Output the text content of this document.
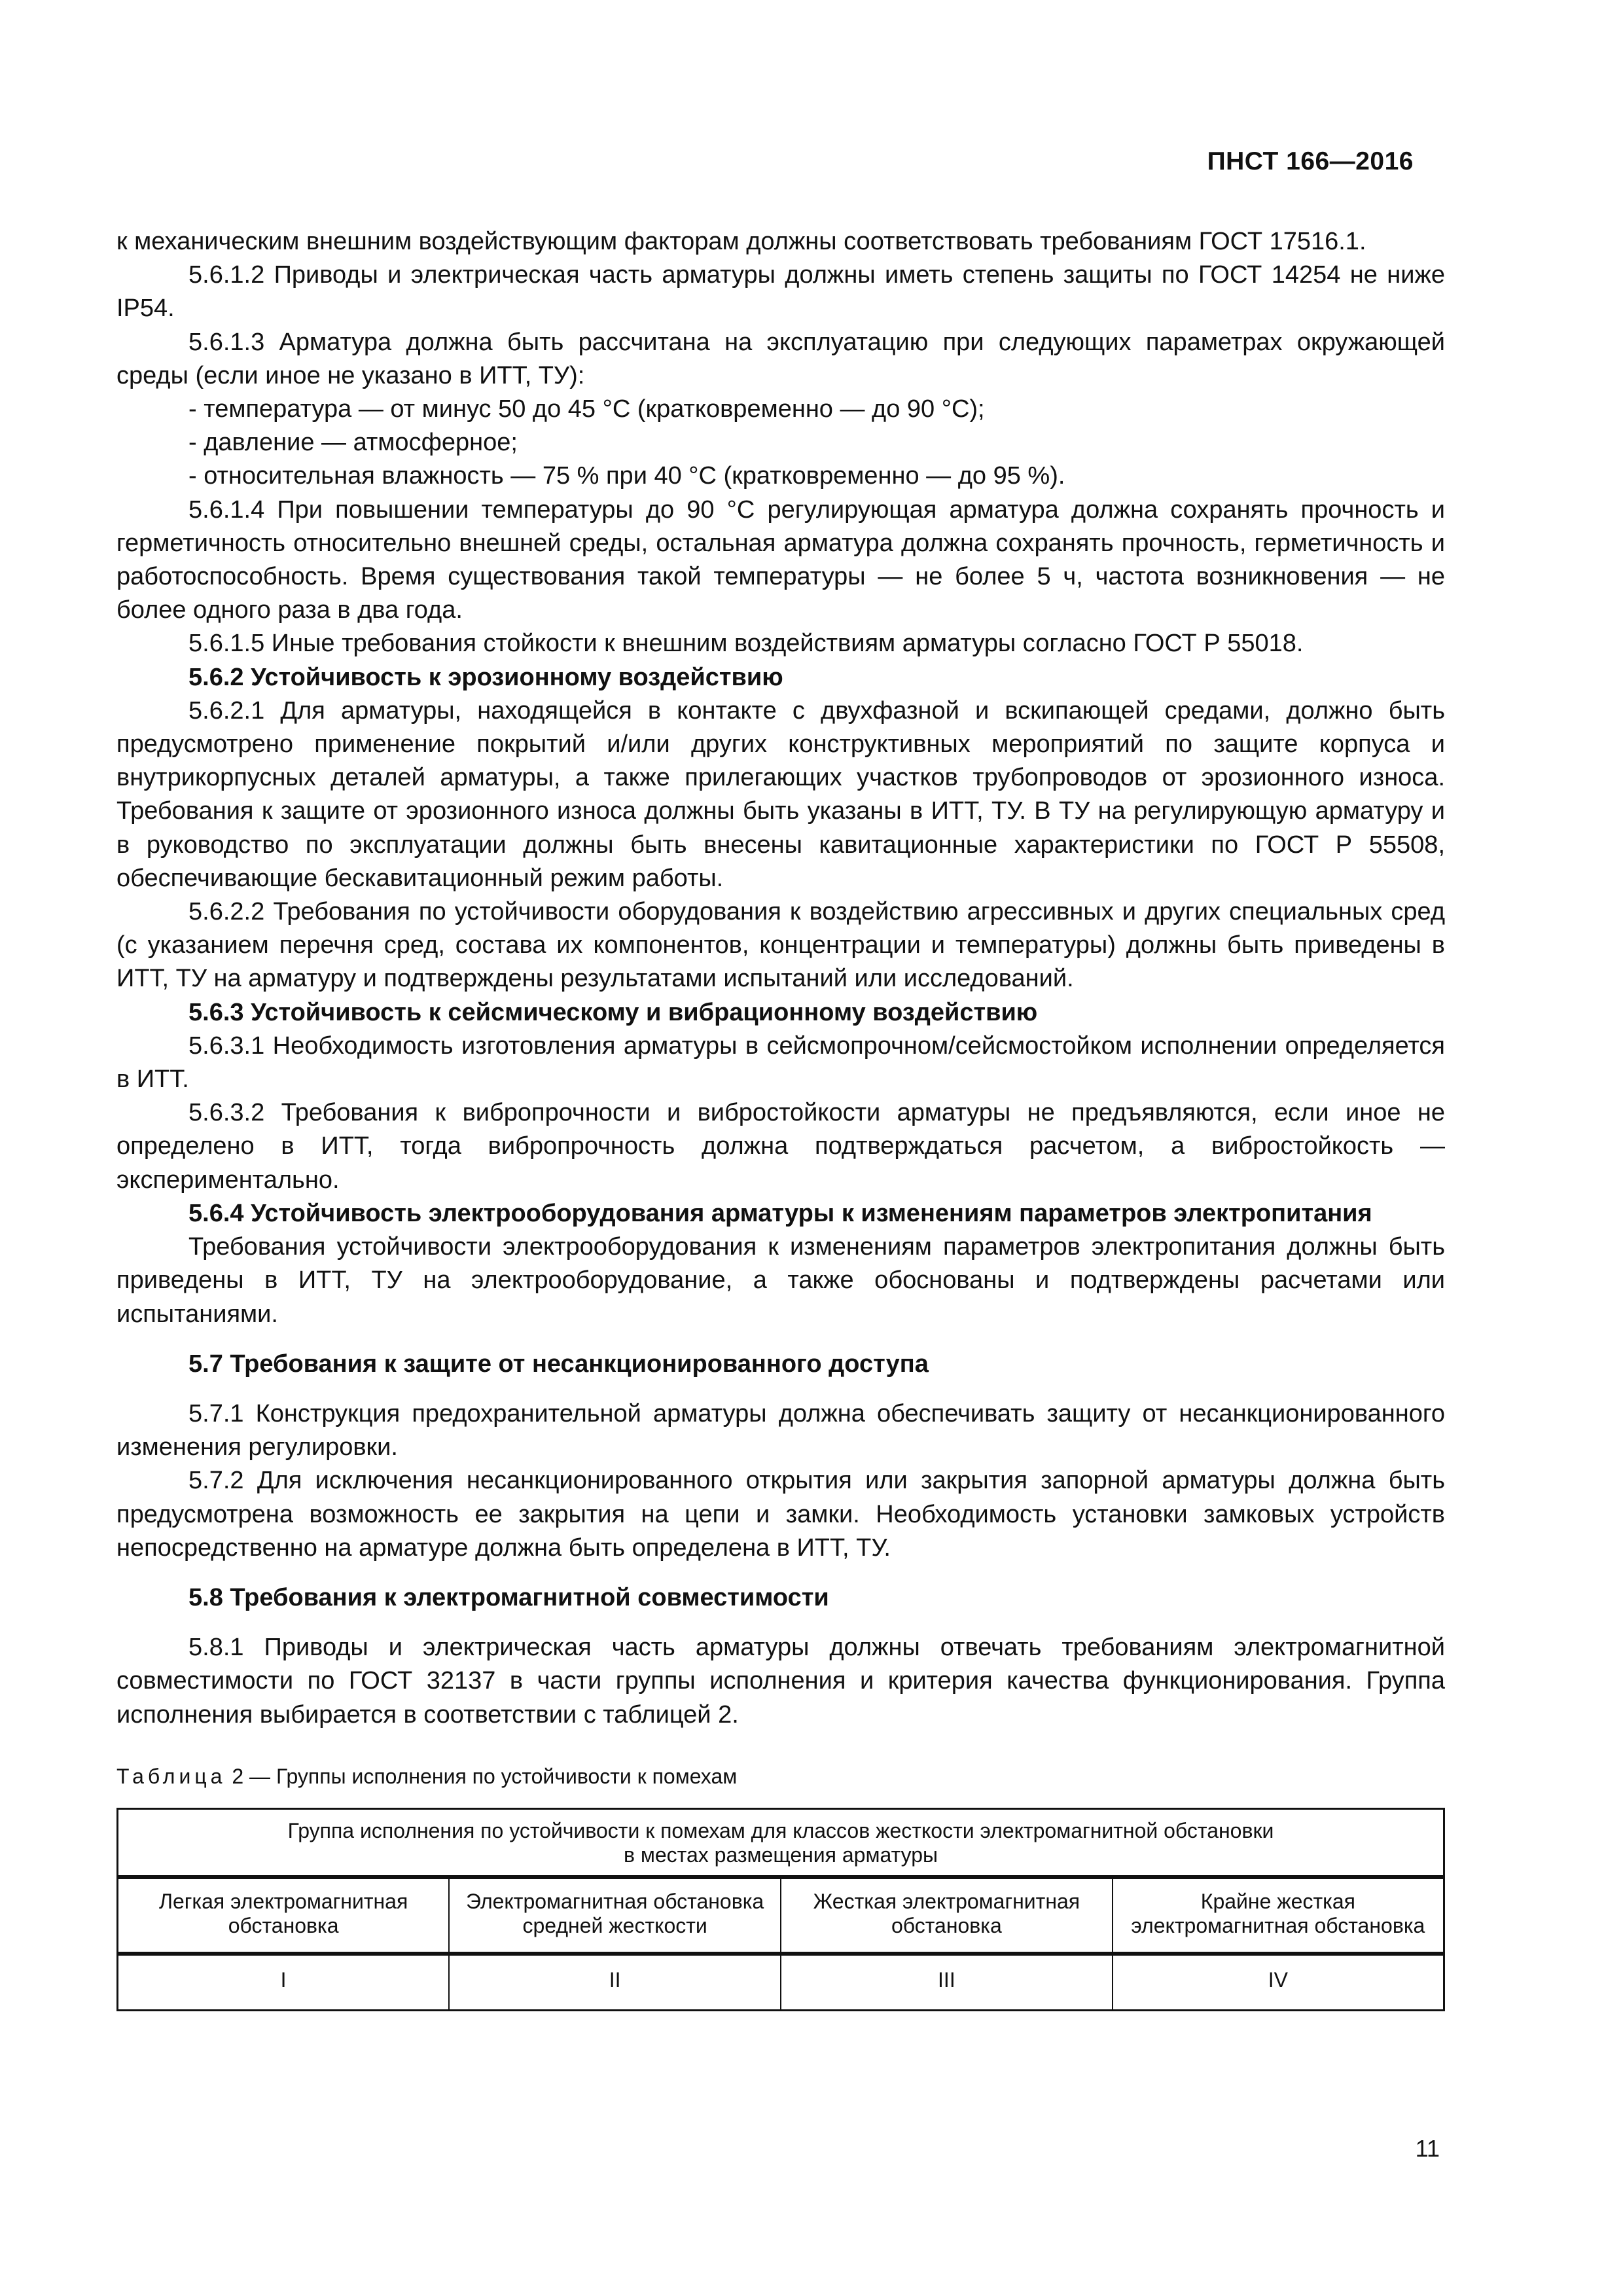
ПНСТ 166—2016

к механическим внешним воздействующим факторам должны соответствовать требованиям ГОСТ 17516.1.

5.6.1.2 Приводы и электрическая часть арматуры должны иметь степень защиты по ГОСТ 14254 не ниже IP54.

5.6.1.3 Арматура должна быть рассчитана на эксплуатацию при следующих параметрах окружающей среды (если иное не указано в ИТТ, ТУ):

- температура — от минус 50 до 45 °C (кратковременно — до 90 °C);

- давление — атмосферное;

- относительная влажность — 75 % при 40 °C (кратковременно — до 95 %).

5.6.1.4 При повышении температуры до 90 °C регулирующая арматура должна сохранять прочность и герметичность относительно внешней среды, остальная арматура должна сохранять прочность, герметичность и работоспособность. Время существования такой температуры — не более 5 ч, частота возникновения — не более одного раза в два года.

5.6.1.5 Иные требования стойкости к внешним воздействиям арматуры согласно ГОСТ Р 55018.

5.6.2 Устойчивость к эрозионному воздействию

5.6.2.1 Для арматуры, находящейся в контакте с двухфазной и вскипающей средами, должно быть предусмотрено применение покрытий и/или других конструктивных мероприятий по защите корпуса и внутрикорпусных деталей арматуры, а также прилегающих участков трубопроводов от эрозионного износа. Требования к защите от эрозионного износа должны быть указаны в ИТТ, ТУ. В ТУ на регулирующую арматуру и в руководство по эксплуатации должны быть внесены кавитационные характеристики по ГОСТ Р 55508, обеспечивающие бескавитационный режим работы.

5.6.2.2 Требования по устойчивости оборудования к воздействию агрессивных и других специальных сред (с указанием перечня сред, состава их компонентов, концентрации и температуры) должны быть приведены в ИТТ, ТУ на арматуру и подтверждены результатами испытаний или исследований.

5.6.3 Устойчивость к сейсмическому и вибрационному воздействию

5.6.3.1 Необходимость изготовления арматуры в сейсмопрочном/сейсмостойком исполнении определяется в ИТТ.

5.6.3.2 Требования к вибропрочности и вибростойкости арматуры не предъявляются, если иное не определено в ИТТ, тогда вибропрочность должна подтверждаться расчетом, а вибростойкость — экспериментально.

5.6.4 Устойчивость электрооборудования арматуры к изменениям параметров электропитания

Требования устойчивости электрооборудования к изменениям параметров электропитания должны быть приведены в ИТТ, ТУ на электрооборудование, а также обоснованы и подтверждены расчетами или испытаниями.

5.7 Требования к защите от несанкционированного доступа

5.7.1 Конструкция предохранительной арматуры должна обеспечивать защиту от несанкционированного изменения регулировки.

5.7.2 Для исключения несанкционированного открытия или закрытия запорной арматуры должна быть предусмотрена возможность ее закрытия на цепи и замки. Необходимость установки замковых устройств непосредственно на арматуре должна быть определена в ИТТ, ТУ.

5.8 Требования к электромагнитной совместимости

5.8.1 Приводы и электрическая часть арматуры должны отвечать требованиям электромагнитной совместимости по ГОСТ 32137 в части группы исполнения и критерия качества функционирования. Группа исполнения выбирается в соответствии с таблицей 2.

Таблица 2 — Группы исполнения по устойчивости к помехам

Группа исполнения по устойчивости к помехам для классов жесткости электромагнитной обстановки
в местах размещения арматуры			

Легкая электромагнитная обстановка	Электромагнитная обстановка средней жесткости	Жесткая электромагнитная обстановка	Крайне жесткая электромагнитная обстановка
I	II	III	IV
11
